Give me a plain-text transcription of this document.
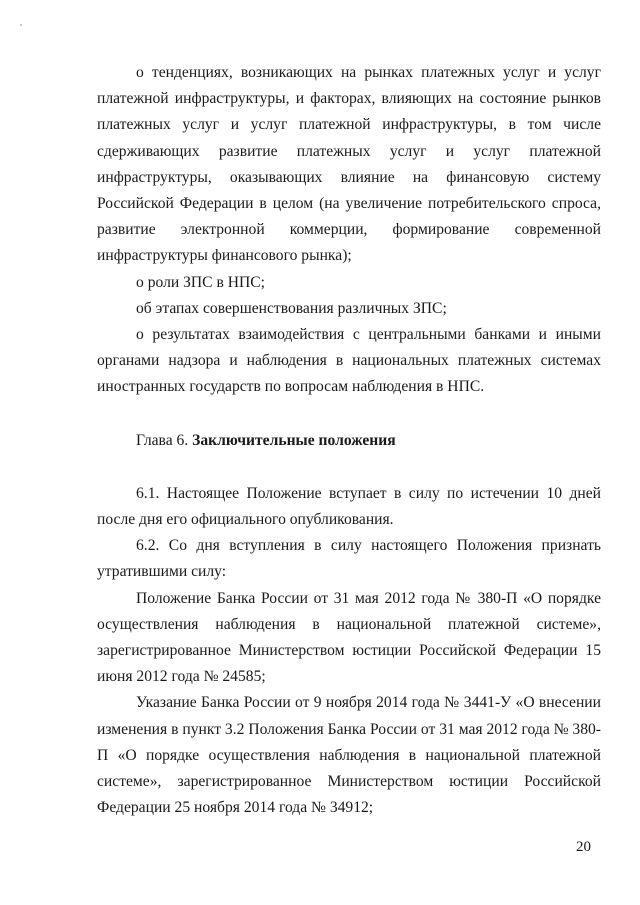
о тенденциях, возникающих на рынках платежных услуг и услуг платежной инфраструктуры, и факторах, влияющих на состояние рынков платежных услуг и услуг платежной инфраструктуры, в том числе сдерживающих развитие платежных услуг и услуг платежной инфраструктуры, оказывающих влияние на финансовую систему Российской Федерации в целом (на увеличение потребительского спроса, развитие электронной коммерции, формирование современной инфраструктуры финансового рынка);

о роли ЗПС в НПС;

об этапах совершенствования различных ЗПС;

о результатах взаимодействия с центральными банками и иными органами надзора и наблюдения в национальных платежных системах иностранных государств по вопросам наблюдения в НПС.

Глава 6. Заключительные положения

6.1. Настоящее Положение вступает в силу по истечении 10 дней после дня его официального опубликования.

6.2. Со дня вступления в силу настоящего Положения признать утратившими силу:

Положение Банка России от 31 мая 2012 года № 380-П «О порядке осуществления наблюдения в национальной платежной системе», зарегистрированное Министерством юстиции Российской Федерации 15 июня 2012 года № 24585;

Указание Банка России от 9 ноября 2014 года № 3441-У «О внесении изменения в пункт 3.2 Положения Банка России от 31 мая 2012 года № 380-П «О порядке осуществления наблюдения в национальной платежной системе», зарегистрированное Министерством юстиции Российской Федерации 25 ноября 2014 года № 34912;

20
